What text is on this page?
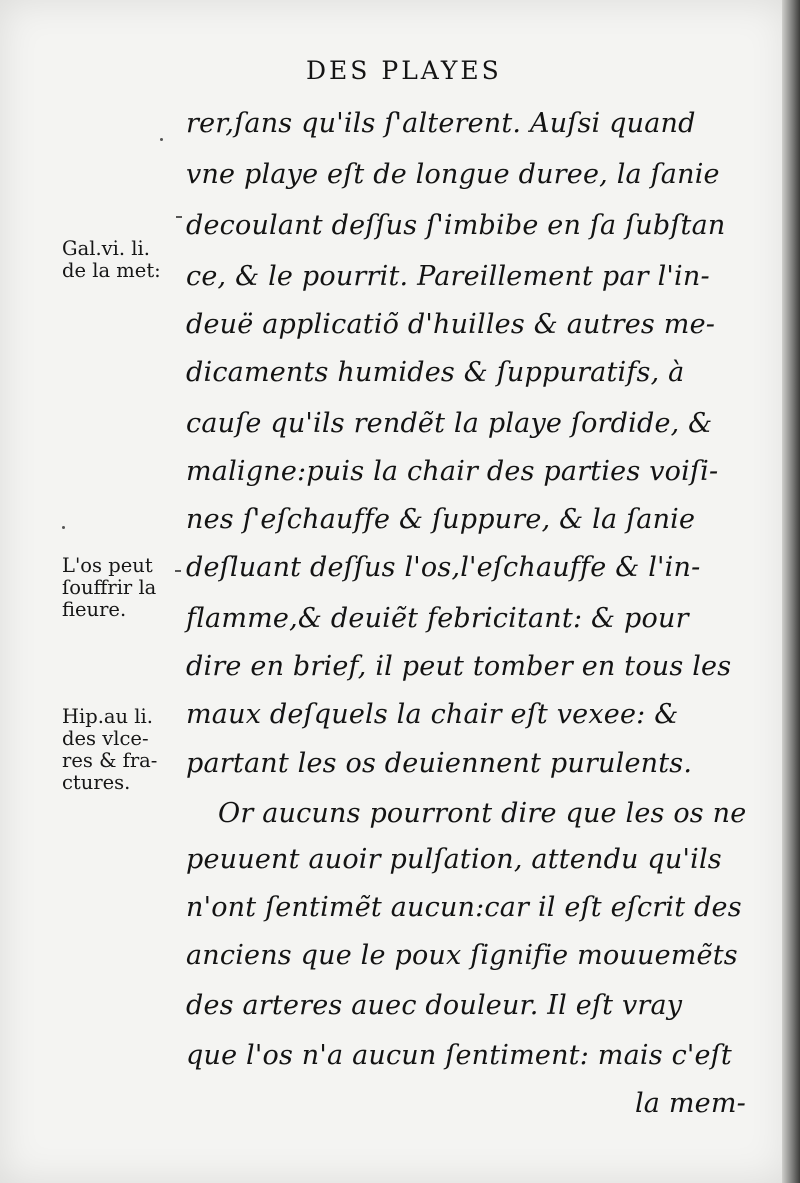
DES PLAYES
rer,ſans qu'ils ſ'alterent. Auſsi quand
vne playe eſt de longue duree, la ſanie
decoulant deſſus ſ'imbibe en ſa ſubſtan
ce, & le pourrit. Pareillement par l'in-
deuë applicatiõ d'huilles & autres me-
dicaments humides & ſuppuratifs, à
cauſe qu'ils rendẽt la playe ſordide, &
maligne:puis la chair des parties voiſi-
nes ſ'eſchauffe & ſuppure, & la ſanie
deſluant deſſus l'os,l'eſchauffe & l'in-
flamme,& deuiẽt febricitant: & pour
dire en brief, il peut tomber en tous les
maux deſquels la chair eſt vexee: &
partant les os deuiennent purulents.
Or aucuns pourront dire que les os ne
peuuent auoir pulſation, attendu qu'ils
n'ont ſentimẽt aucun:car il eſt eſcrit des
anciens que le poux ſignifie mouuemẽts
des arteres auec douleur. Il eſt vray
que l'os n'a aucun ſentiment: mais c'eſt
la mem-
Gal.vi. li.
de la met:
L'os peut
ſouffrir la
fieure.
Hip.au li.
des vlce-
res & fra-
ctures.
